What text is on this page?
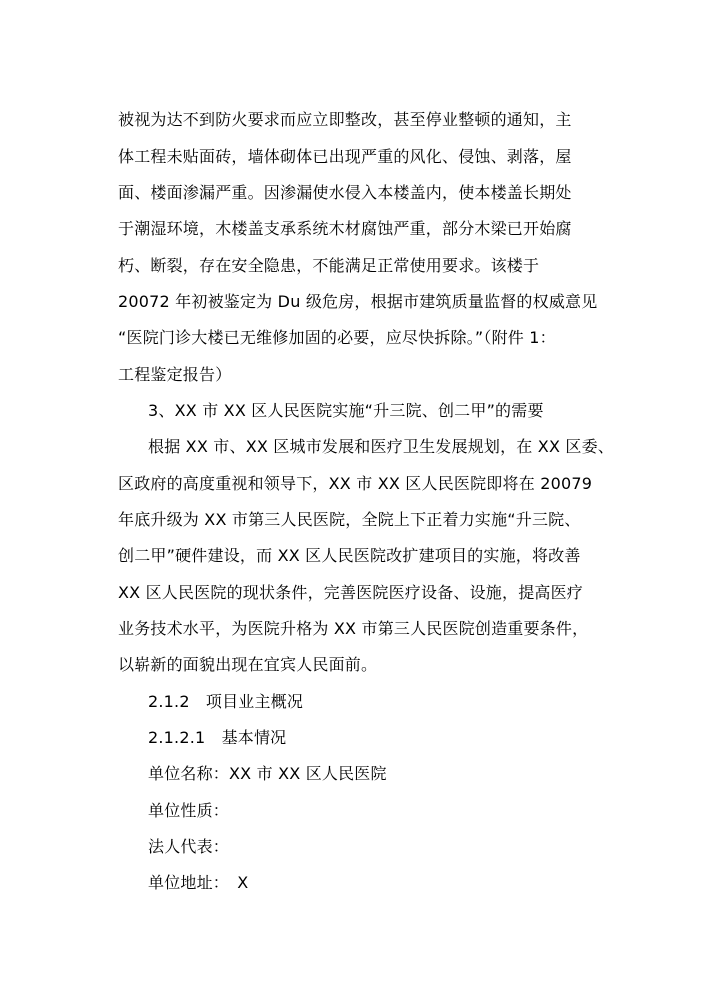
被视为达不到防火要求而应立即整改，甚至停业整顿的通知，主
体工程未贴面砖，墙体砌体已出现严重的风化、侵蚀、剥落，屋
面、楼面渗漏严重。因渗漏使水侵入本楼盖内，使本楼盖长期处
于潮湿环境，木楼盖支承系统木材腐蚀严重，部分木梁已开始腐
朽、断裂，存在安全隐患，不能满足正常使用要求。该楼于
20072 年初被鉴定为 Du 级危房，根据市建筑质量监督的权威意见
“医院门诊大楼已无维修加固的必要，应尽快拆除。”（附件 1：
工程鉴定报告）
3、XX 市 XX 区人民医院实施“升三院、创二甲”的需要
根据 XX 市、XX 区城市发展和医疗卫生发展规划，在 XX 区委、
区政府的高度重视和领导下，XX 市 XX 区人民医院即将在 20079
年底升级为 XX 市第三人民医院，全院上下正着力实施“升三院、
创二甲”硬件建设，而 XX 区人民医院改扩建项目的实施，将改善
XX 区人民医院的现状条件，完善医院医疗设备、设施，提高医疗
业务技术水平，为医院升格为 XX 市第三人民医院创造重要条件，
以崭新的面貌出现在宜宾人民面前。
2.1.2　项目业主概况
2.1.2.1　基本情况
单位名称：XX 市 XX 区人民医院
单位性质：
法人代表：
单位地址：　X
